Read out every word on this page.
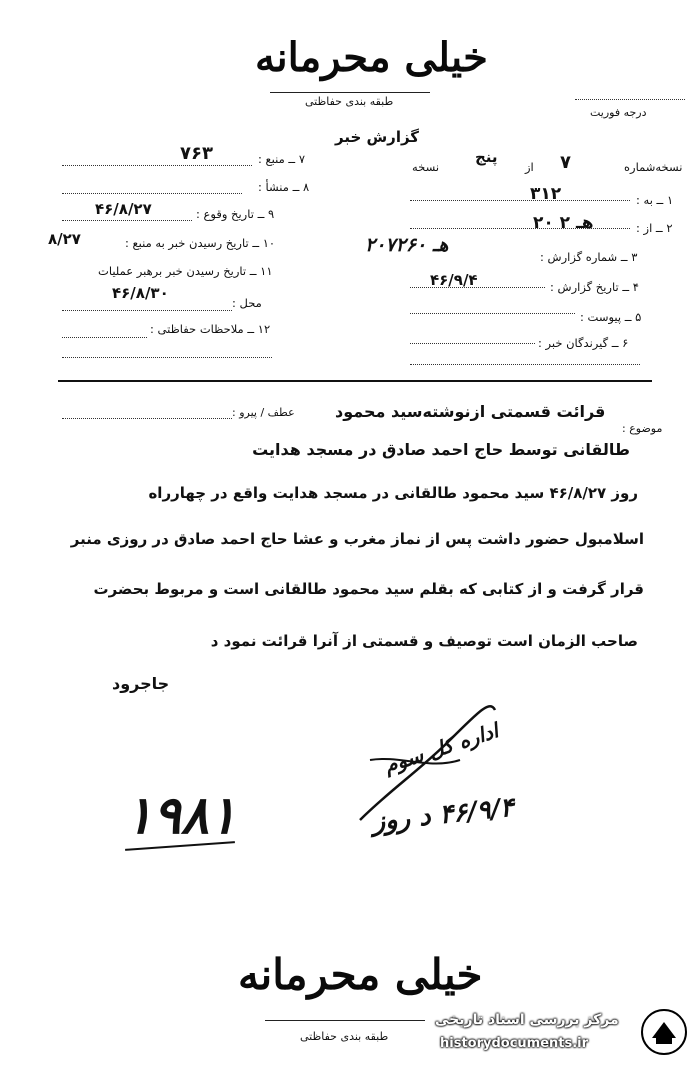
خیلی محرمانه
طبقه بندی حفاظتی
درجه فوریت
گزارش خبر
۷ ــ منبع :
۷۶۳
۸ ــ منشأ :
۹ ــ تاریخ وقوع :
۴۶/۸/۲۷
۱۰ ــ تاریخ رسیدن خبر به منبع :
۸/۲۷
۱۱ ــ تاریخ رسیدن خبر برهبر عملیات
۴۶/۸/۳۰
محل :
۱۲ ــ ملاحظات حفاظتی :
نسخه‌شماره
۷
از
پنج
نسخه
۱ ــ به :
۳۱۲
۲ ــ از :
۲۰ هـ ۲
۳ ــ شماره گزارش :
۲۰۷۲۶۰ هـ
۴ ــ تاریخ گزارش :
۴۶/۹/۴
۵ ــ پیوست :
۶ ــ گیرندگان خبر :
موضوع :
عطف / پیرو :	قرائت قسمتی ازنوشته‌سید محمود
طالقانی توسط حاج احمد صادق در مسجد هدایت
روز ۴۶/۸/۲۷ سید محمود طالقانی در مسجد هدایت واقع در چهارراه
اسلامبول حضور داشت پس از نماز مغرب و عشا حاج احمد صادق در روزی منبر
قرار گرفت و از کتابی که بقلم سید محمود طالقانی است و مربوط بحضرت
صاحب الزمان است توصیف و قسمتی از آنرا قرائت نمود د
جاجرود
اداره کل سوم
۴۶/۹/۴ د روز
۱۹۸۱
خیلی محرمانه
طبقه بندی حفاظتی
مرکز بررسی اسناد تاریخی
historydocuments.ir
